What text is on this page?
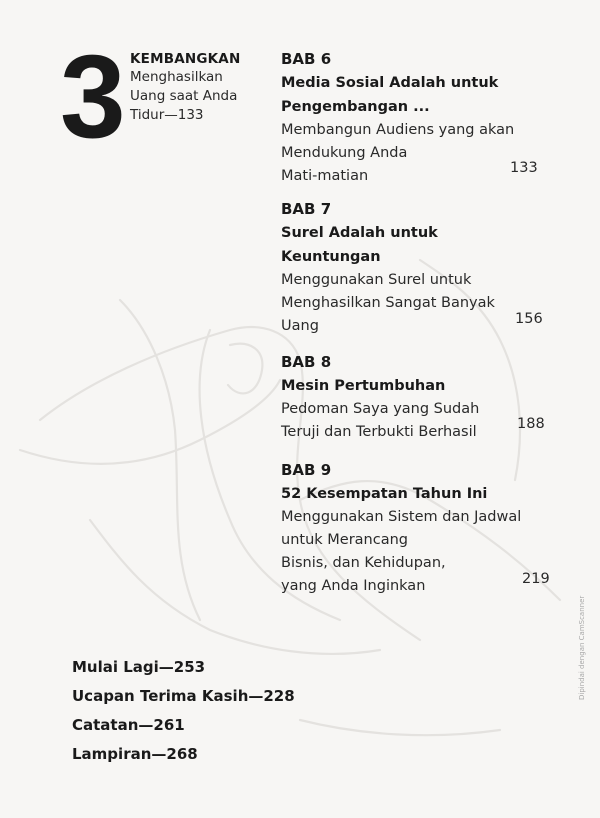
3 KEMBANGKAN
Menghasilkan
Uang saat Anda
Tidur—133
BAB 6
Media Sosial Adalah untuk
Pengembangan ...
Membangun Audiens yang akan
Mendukung Anda
Mati-matian	133
BAB 7
Surel Adalah untuk
Keuntungan
Menggunakan Surel untuk
Menghasilkan Sangat Banyak
Uang	156
BAB 8
Mesin Pertumbuhan
Pedoman Saya yang Sudah
Teruji dan Terbukti Berhasil	188
BAB 9
52 Kesempatan Tahun Ini
Menggunakan Sistem dan Jadwal
untuk Merancang
Bisnis, dan Kehidupan,
yang Anda Inginkan	219
Mulai Lagi—253
Ucapan Terima Kasih—228
Catatan—261
Lampiran—268
Dipindai dengan CamScanner
